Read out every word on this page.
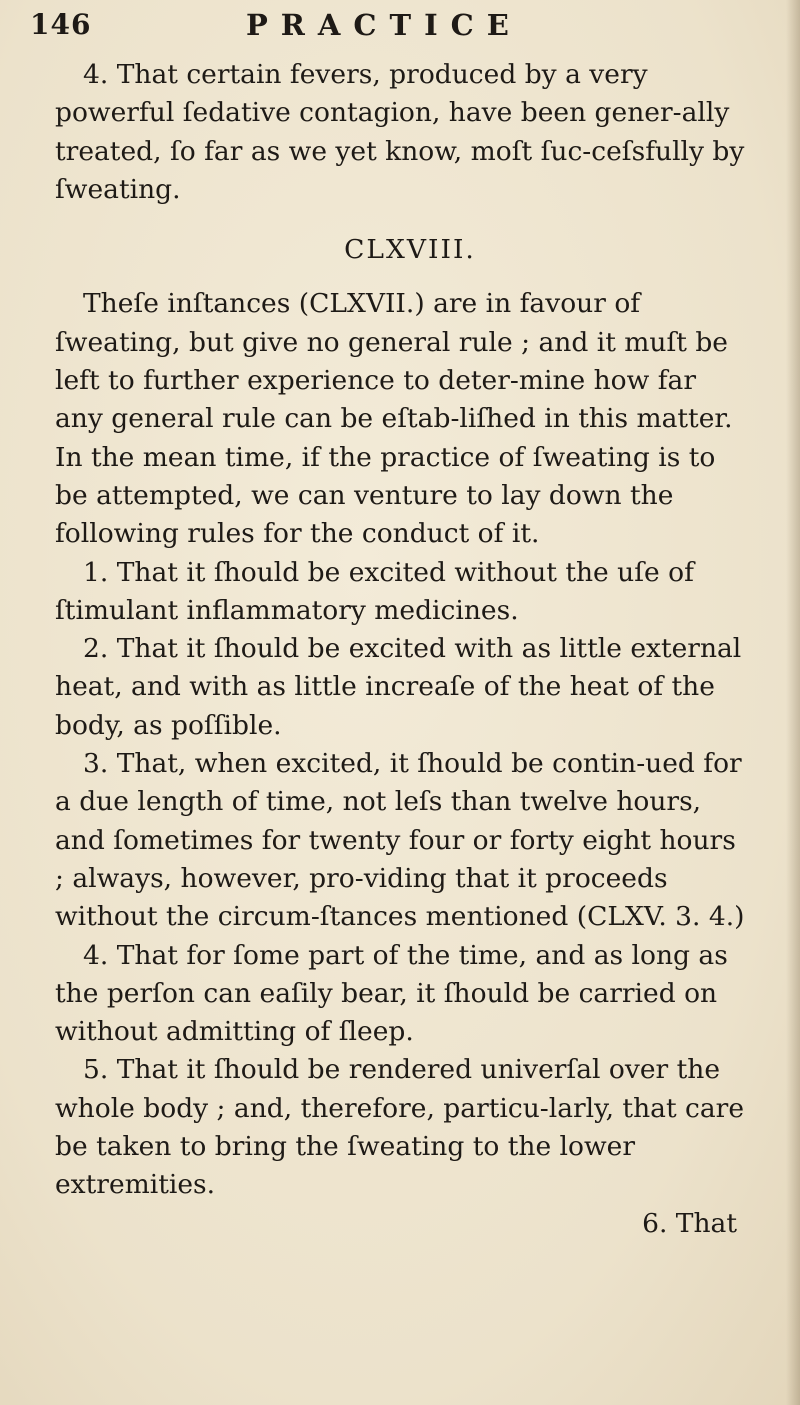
146	PRACTICE

4. That certain fevers, produced by a very powerful ſedative contagion, have been gener-ally treated, ſo far as we yet know, moſt ſuc-ceſsfully by ſweating.

CLXVIII.

Theſe inſtances (CLXVII.) are in favour of ſweating, but give no general rule ; and it muſt be left to further experience to deter-mine how far any general rule can be eſtab-liſhed in this matter. In the mean time, if the practice of ſweating is to be attempted, we can venture to lay down the following rules for the conduct of it.

1. That it ſhould be excited without the uſe of ſtimulant inflammatory medicines.

2. That it ſhould be excited with as little external heat, and with as little increaſe of the heat of the body, as poſſible.

3. That, when excited, it ſhould be contin-ued for a due length of time, not leſs than twelve hours, and ſometimes for twenty four or forty eight hours ; always, however, pro-viding that it proceeds without the circum-ſtances mentioned (CLXV. 3. 4.)

4. That for ſome part of the time, and as long as the perſon can eaſily bear, it ſhould be carried on without admitting of ſleep.

5. That it ſhould be rendered univerſal over the whole body ; and, therefore, particu-larly, that care be taken to bring the ſweating to the lower extremities.

6. That
